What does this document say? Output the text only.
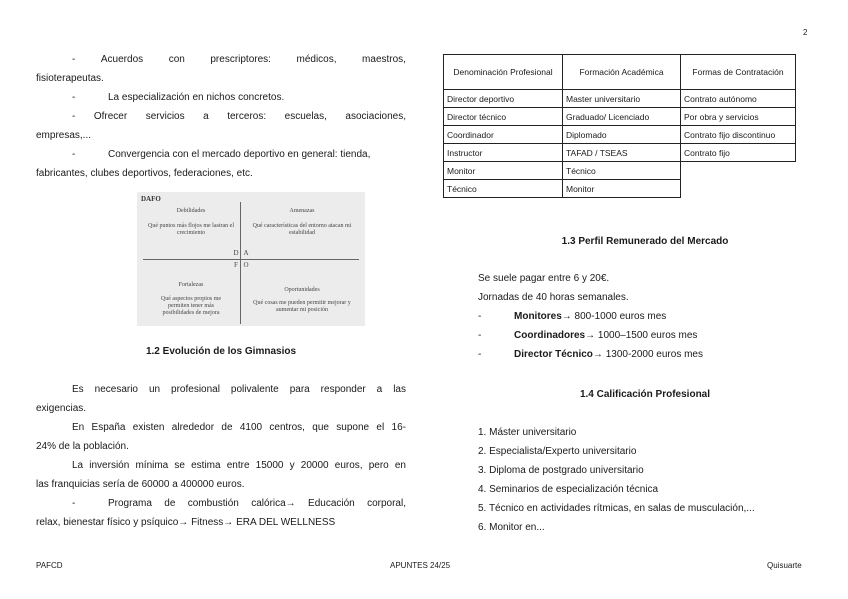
2
-	Acuerdos	con	prescriptores:	médicos,	maestros,
fisioterapeutas.
-	La especialización en nichos concretos.
- Ofrecer servicios a terceros: escuelas, asociaciones,
empresas,...
-	Convergencia con el mercado deportivo en general: tienda,
fabricantes, clubes deportivos, federaciones, etc.
DAFO
Debilidades
Qué puntos más flojos me lastran el crecimiento
Amenazas
Qué características del entorno atacan mi estabilidad
D A
F O
Fortalezas
Qué aspectos propios me permiten tener más posibilidades de mejora
Oportunidades
Qué cosas me pueden permitir mejorar y aumentar mi posición
1.2 Evolución de los Gimnasios
Es necesario un profesional polivalente para responder a las
exigencias.
En España existen alrededor de 4100 centros, que supone el 16-
24% de la población.
La inversión mínima se estima entre 15000 y 20000 euros, pero en
las franquicias sería de 60000 a 400000 euros.
-	Programa de combustión calórica→ Educación corporal,
relax, bienestar físico y psíquico→ Fitness→ ERA DEL WELLNESS
Denominación Profesional	Formación Académica	Formas de Contratación
Director deportivo	Master universitario	Contrato autónomo
Director técnico	Graduado/ Licenciado	Por obra y servicios
Coordinador	Diplomado	Contrato fijo discontinuo
Instructor	TAFAD / TSEAS	Contrato fijo
Monitor	Técnico	
Técnico	Monitor	
1.3 Perfil Remunerado del Mercado
Se suele pagar entre 6 y 20€.
Jornadas de 40 horas semanales.
-	Monitores→ 800-1000 euros mes
-	Coordinadores→ 1000–1500 euros mes
-	Director Técnico→ 1300-2000 euros mes
1.4 Calificación Profesional
1. Máster universitario
2. Especialista/Experto universitario
3. Diploma de postgrado universitario
4. Seminarios de especialización técnica
5. Técnico en actividades rítmicas, en salas de musculación,...
6. Monitor en...
PAFCD	APUNTES 24/25	Quisuarte
